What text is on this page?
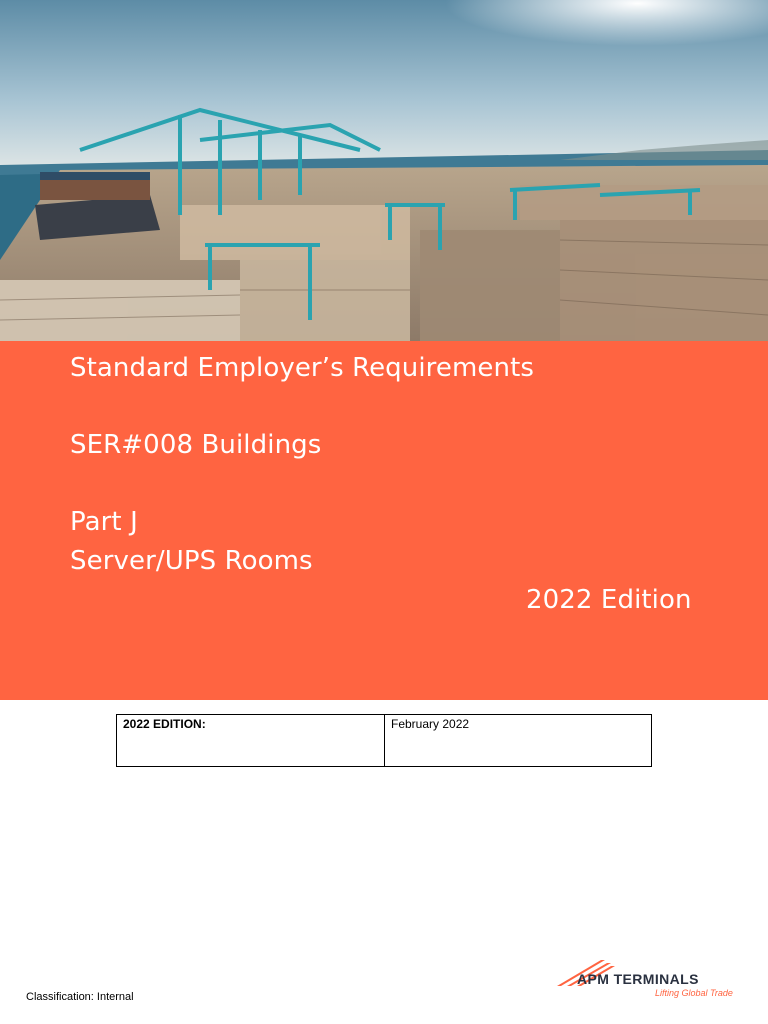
Standard Employer’s Requirements
SER#008 Buildings
Part J
Server/UPS Rooms
2022 Edition
2022 EDITION:	February 2022
Classification: Internal
APM TERMINALS
Lifting Global Trade
